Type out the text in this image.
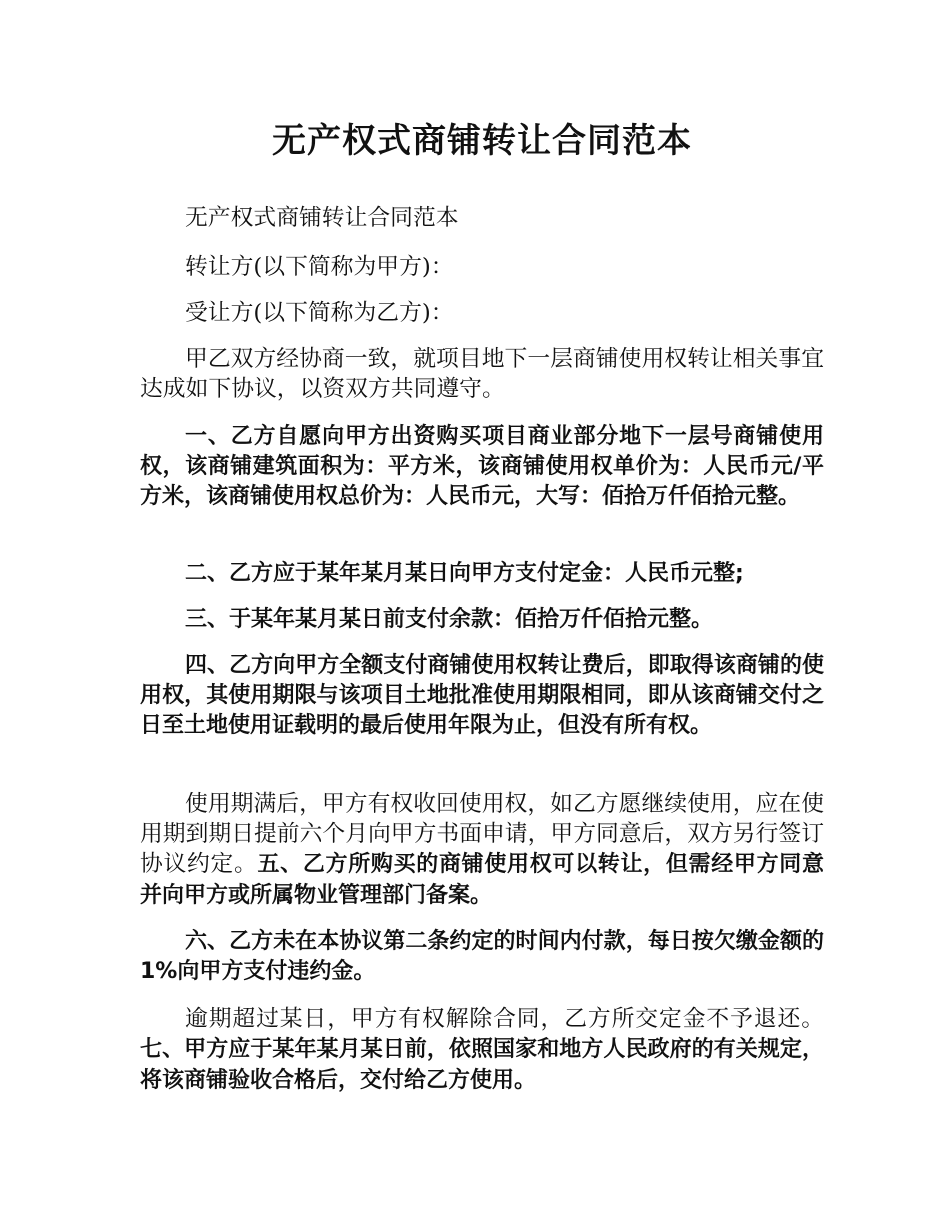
无产权式商铺转让合同范本

无产权式商铺转让合同范本

转让方(以下简称为甲方)：

受让方(以下简称为乙方)：

甲乙双方经协商一致，就项目地下一层商铺使用权转让相关事宜达成如下协议，以资双方共同遵守。

一、乙方自愿向甲方出资购买项目商业部分地下一层号商铺使用权，该商铺建筑面积为：平方米，该商铺使用权单价为：人民币元/平方米，该商铺使用权总价为：人民币元，大写：佰拾万仟佰拾元整。

二、乙方应于某年某月某日向甲方支付定金：人民币元整;

三、于某年某月某日前支付余款：佰拾万仟佰拾元整。

四、乙方向甲方全额支付商铺使用权转让费后，即取得该商铺的使用权，其使用期限与该项目土地批准使用期限相同，即从该商铺交付之日至土地使用证载明的最后使用年限为止，但没有所有权。

使用期满后，甲方有权收回使用权，如乙方愿继续使用，应在使用期到期日提前六个月向甲方书面申请，甲方同意后，双方另行签订协议约定。五、乙方所购买的商铺使用权可以转让，但需经甲方同意并向甲方或所属物业管理部门备案。

六、乙方未在本协议第二条约定的时间内付款，每日按欠缴金额的1%向甲方支付违约金。

逾期超过某日，甲方有权解除合同，乙方所交定金不予退还。七、甲方应于某年某月某日前，依照国家和地方人民政府的有关规定，将该商铺验收合格后，交付给乙方使用。
